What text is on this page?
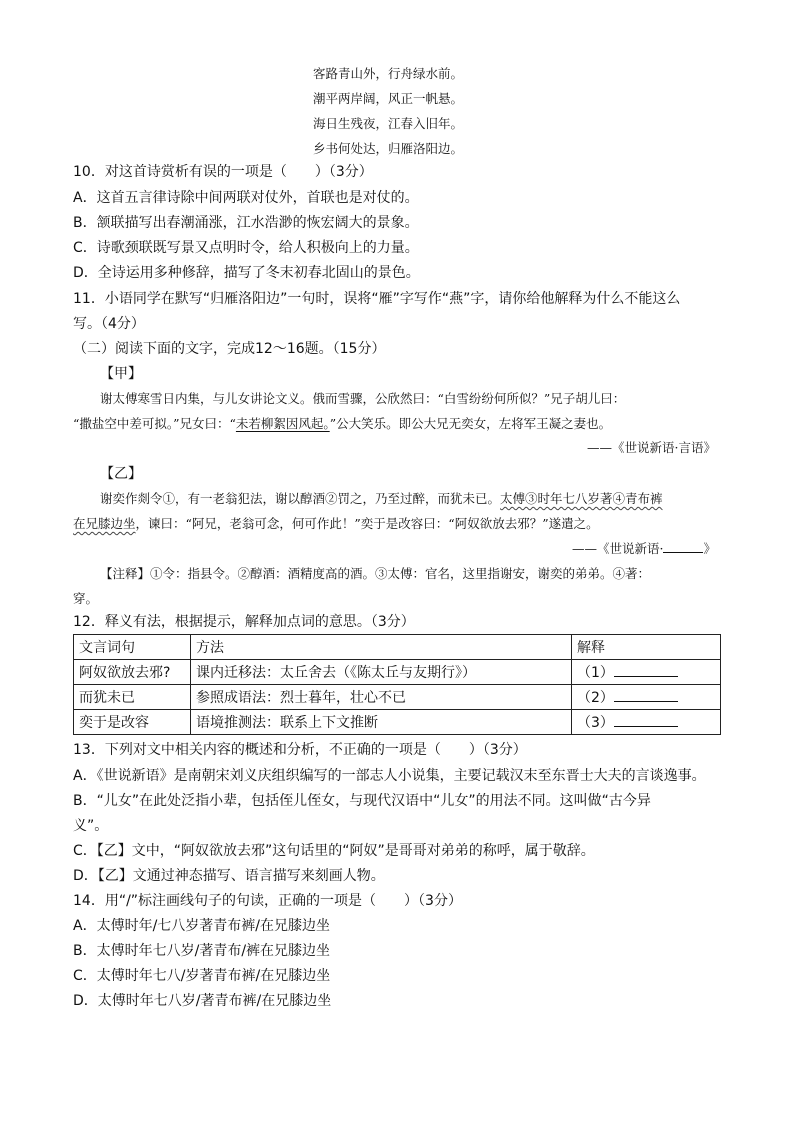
客路青山外，行舟绿水前。
潮平两岸阔，风正一帆悬。
海日生残夜，江春入旧年。
乡书何处达，归雁洛阳边。
10．对这首诗赏析有误的一项是（　　）（3分）
A．这首五言律诗除中间两联对仗外，首联也是对仗的。
B．颔联描写出春潮涌涨，江水浩渺的恢宏阔大的景象。
C．诗歌颈联既写景又点明时令，给人积极向上的力量。
D．全诗运用多种修辞，描写了冬末初春北固山的景色。
11．小语同学在默写“归雁洛阳边”一句时，误将“雁”字写作“燕”字，请你给他解释为什么不能这么
写。（4分）
（二）阅读下面的文字，完成12～16题。（15分）
【甲】
谢太傅寒雪日内集，与儿女讲论文义。俄而雪骤，公欣然曰：“白雪纷纷何所似？”兄子胡儿曰：
“撒盐空中差可拟。”兄女曰：“未若柳絮因风起。”公大笑乐。即公大兄无奕女，左将军王凝之妻也。
——《世说新语·言语》
【乙】
谢奕作剡令①，有一老翁犯法，谢以醇酒②罚之，乃至过醉，而犹未已。太傅③时年七八岁著④青布裤
在兄膝边坐，谏曰：“阿兄，老翁可念，何可作此！”奕于是改容曰：“阿奴欲放去邪？”遂遣之。
——《世说新语·	》
【注释】①令：指县令。②醇酒：酒精度高的酒。③太傅：官名，这里指谢安，谢奕的弟弟。④著：
穿。
12．释义有法，根据提示，解释加点词的意思。（3分）
文言词句	方法	解释
阿奴欲放去邪?	课内迁移法：太丘舍去（《陈太丘与友期行》）	（1）
而犹未已	参照成语法：烈士暮年，壮心不已	（2）
奕于是改容	语境推测法：联系上下文推断	（3）
13．下列对文中相关内容的概述和分析，不正确的一项是（　　）（3分）
A．《世说新语》是南朝宋刘义庆组织编写的一部志人小说集，主要记载汉末至东晋士大夫的言谈逸事。
B．“儿女”在此处泛指小辈，包括侄儿侄女，与现代汉语中“儿女”的用法不同。这叫做“古今异
义”。
C．【乙】文中，“阿奴欲放去邪”这句话里的“阿奴”是哥哥对弟弟的称呼，属于敬辞。
D．【乙】文通过神态描写、语言描写来刻画人物。
14．用“/”标注画线句子的句读，正确的一项是（　　）（3分）
A．太傅时年/七八岁著青布裤/在兄膝边坐
B．太傅时年七八岁/著青布/裤在兄膝边坐
C．太傅时年七八/岁著青布裤/在兄膝边坐
D．太傅时年七八岁/著青布裤/在兄膝边坐
